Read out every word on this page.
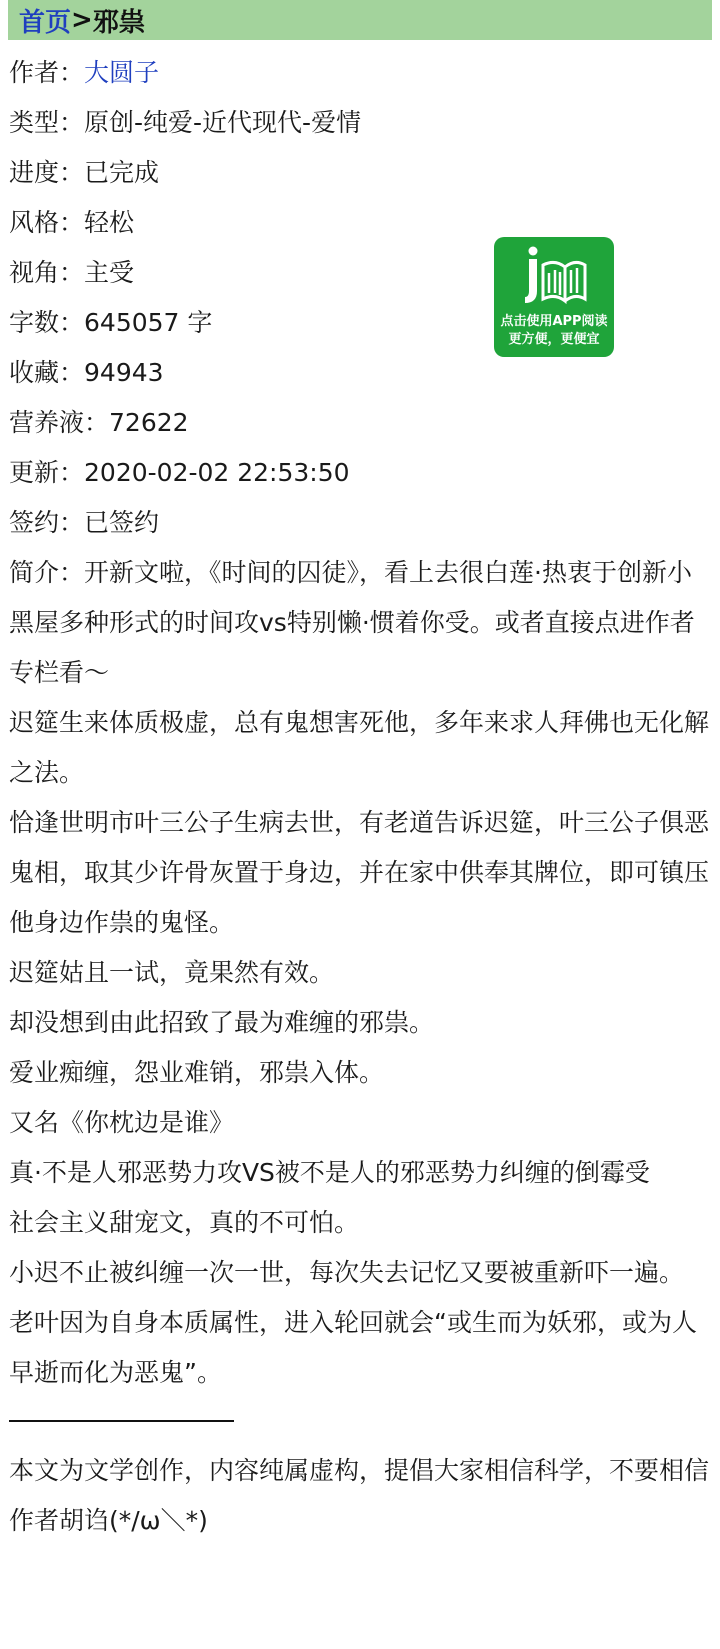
首页 > 邪祟
作者：大圆子
类型：原创-纯爱-近代现代-爱情
进度：已完成
风格：轻松
视角：主受
字数：645057 字
收藏：94943
营养液：72622
更新：2020-02-02 22:53:50
签约：已签约
简介：开新文啦，《时间的囚徒》，看上去很白莲·热衷于创新小黑屋多种形式的时间攻vs特别懒·惯着你受。或者直接点进作者专栏看～
迟筵生来体质极虚，总有鬼想害死他，多年来求人拜佛也无化解之法。
恰逢世明市叶三公子生病去世，有老道告诉迟筵，叶三公子俱恶鬼相，取其少许骨灰置于身边，并在家中供奉其牌位，即可镇压他身边作祟的鬼怪。
迟筵姑且一试，竟果然有效。
却没想到由此招致了最为难缠的邪祟。
爱业痴缠，怨业难销，邪祟入体。
又名《你枕边是谁》
真·不是人邪恶势力攻VS被不是人的邪恶势力纠缠的倒霉受
社会主义甜宠文，真的不可怕。
小迟不止被纠缠一次一世，每次失去记忆又要被重新吓一遍。
老叶因为自身本质属性，进入轮回就会“或生而为妖邪，或为人早逝而化为恶鬼”。
本文为文学创作，内容纯属虚构，提倡大家相信科学，不要相信作者胡诌(*/ω＼*)
点击使用APP阅读
更方便，更便宜
